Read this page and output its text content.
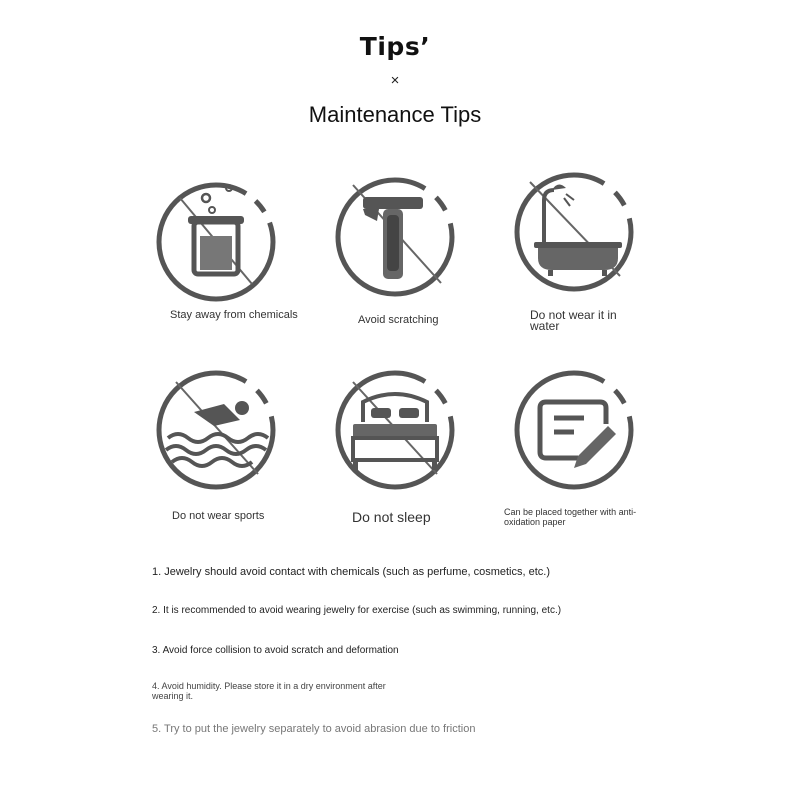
Tips’
×
Maintenance Tips
Stay away from chemicals	Avoid scratching	Do not wear it in water
Do not wear sports	Do not sleep	Can be placed together with anti-oxidation paper
1. Jewelry should avoid contact with chemicals (such as perfume, cosmetics, etc.)
2. It is recommended to avoid wearing jewelry for exercise (such as swimming, running, etc.)
3. Avoid force collision to avoid scratch and deformation
4. Avoid humidity. Please store it in a dry environment after wearing it.
5. Try to put the jewelry separately to avoid abrasion due to friction
